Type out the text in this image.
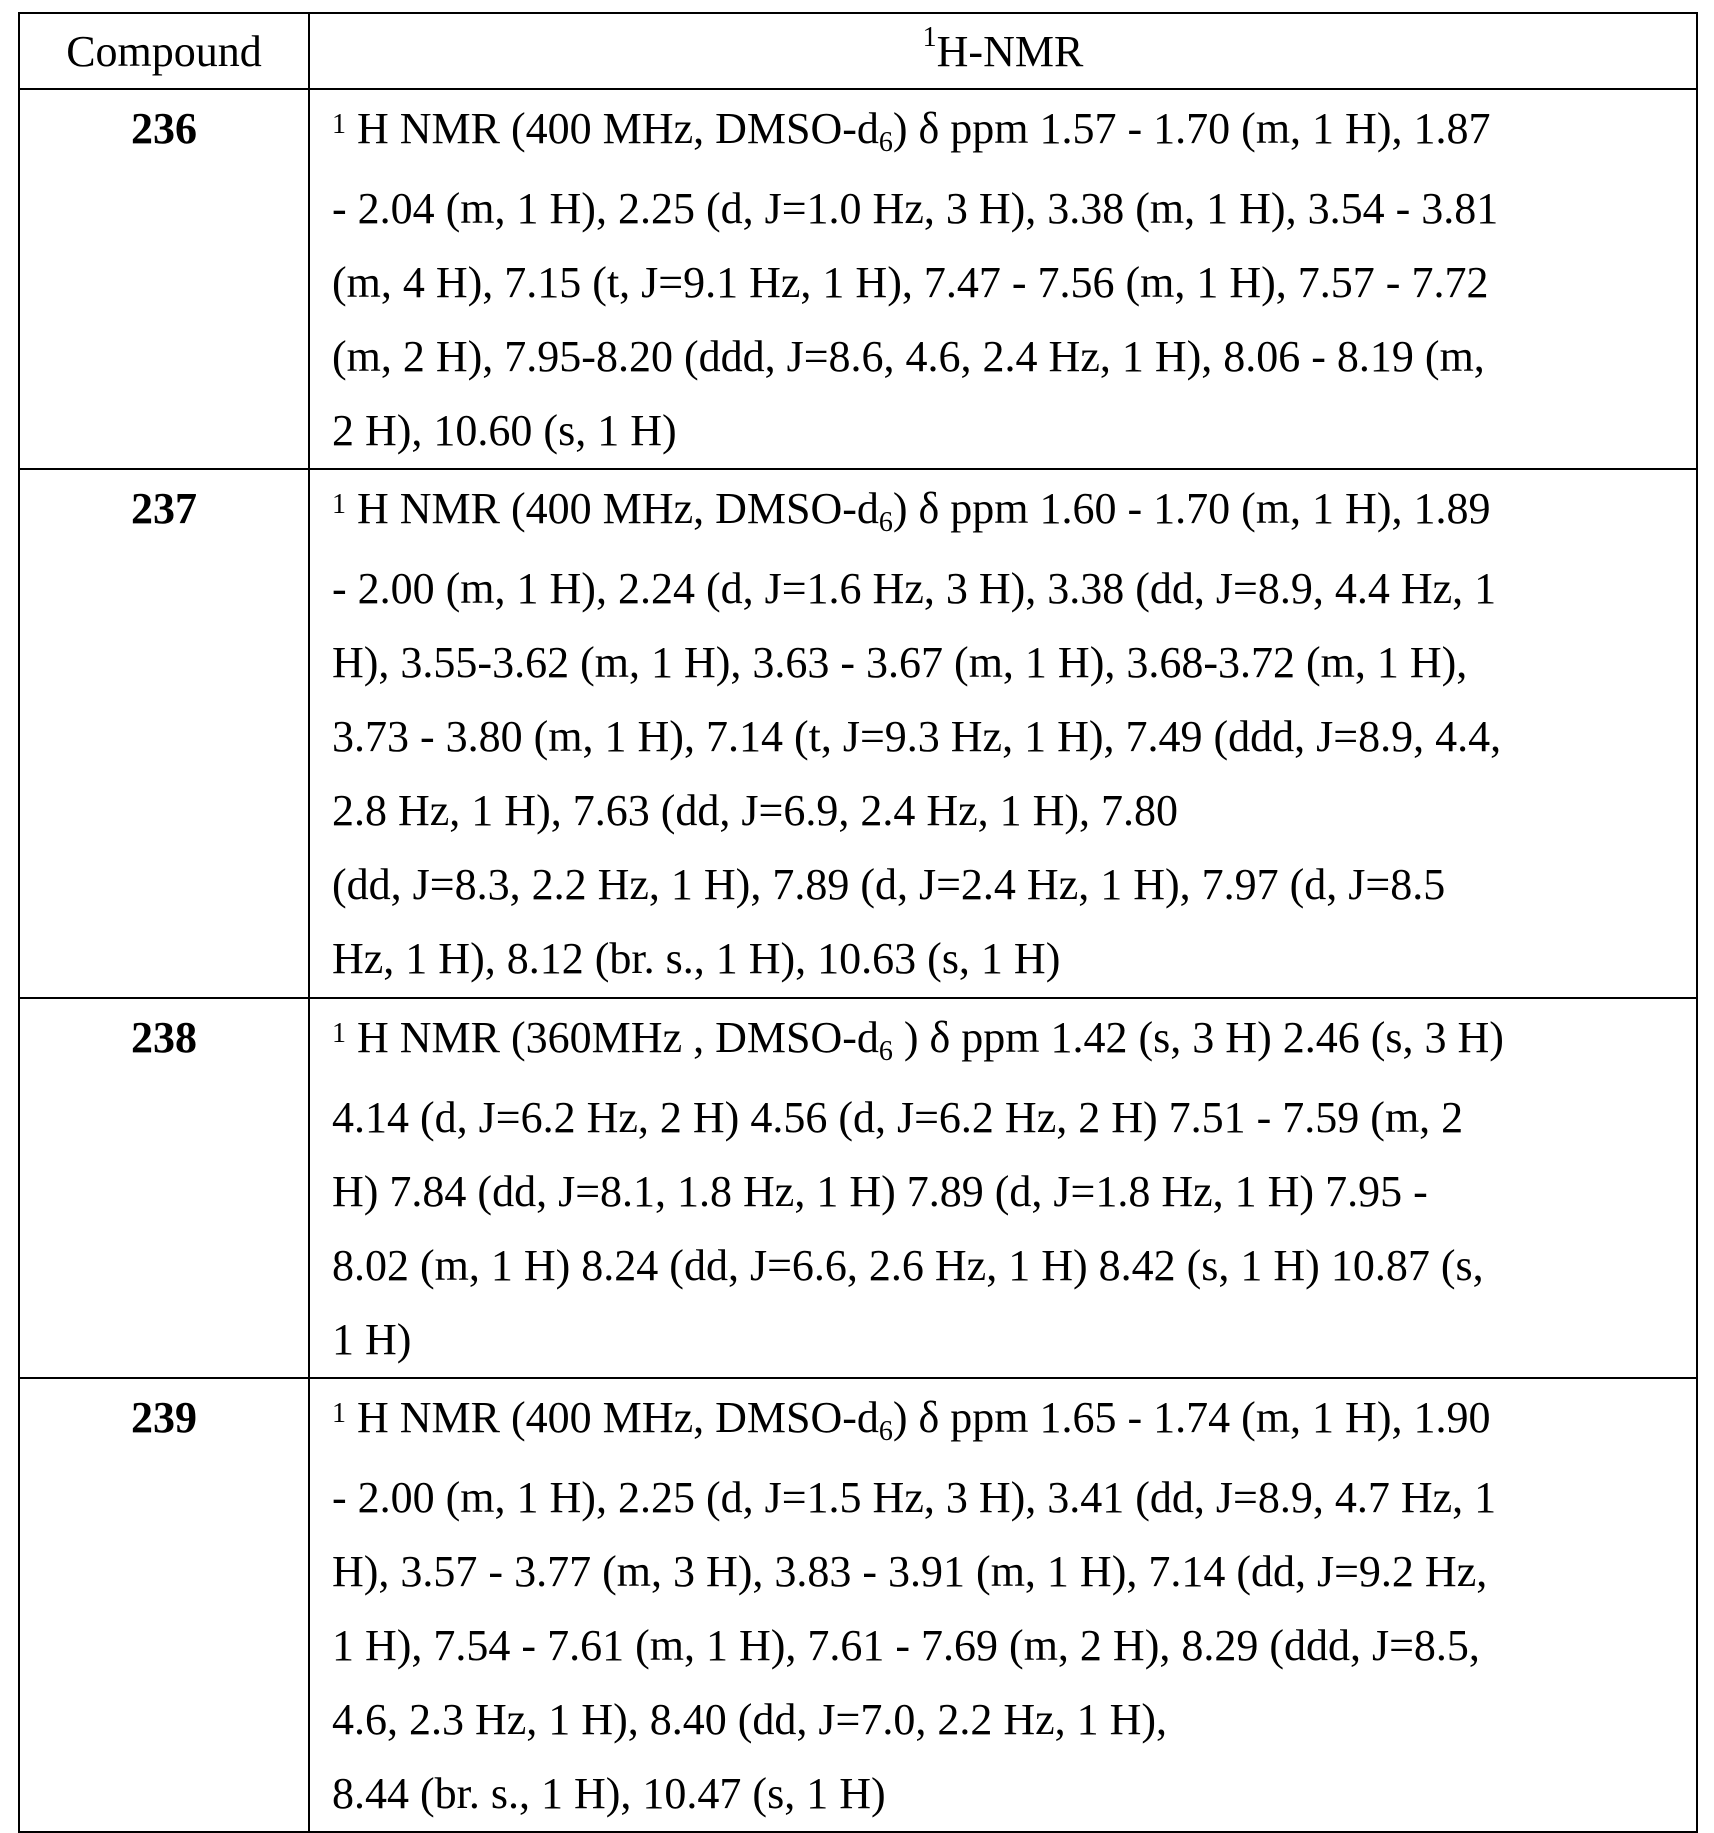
Compound	1H-NMR
236	1 H NMR (400 MHz, DMSO-d6) δ ppm 1.57 - 1.70 (m, 1 H), 1.87
- 2.04 (m, 1 H), 2.25 (d, J=1.0 Hz, 3 H), 3.38 (m, 1 H), 3.54 - 3.81
(m, 4 H), 7.15 (t, J=9.1 Hz, 1 H), 7.47 - 7.56 (m, 1 H), 7.57 - 7.72
(m, 2 H), 7.95-8.20 (ddd, J=8.6, 4.6, 2.4 Hz, 1 H), 8.06 - 8.19 (m,
2 H), 10.60 (s, 1 H)

237	1 H NMR (400 MHz, DMSO-d6) δ ppm 1.60 - 1.70 (m, 1 H), 1.89
- 2.00 (m, 1 H), 2.24 (d, J=1.6 Hz, 3 H), 3.38 (dd, J=8.9, 4.4 Hz, 1
H), 3.55-3.62 (m, 1 H), 3.63 - 3.67 (m, 1 H), 3.68-3.72 (m, 1 H),
3.73 - 3.80 (m, 1 H), 7.14 (t, J=9.3 Hz, 1 H), 7.49 (ddd, J=8.9, 4.4,
2.8 Hz, 1 H), 7.63 (dd, J=6.9, 2.4 Hz, 1 H), 7.80
(dd, J=8.3, 2.2 Hz, 1 H), 7.89 (d, J=2.4 Hz, 1 H), 7.97 (d, J=8.5
Hz, 1 H), 8.12 (br. s., 1 H), 10.63 (s, 1 H)

238	1 H NMR (360MHz , DMSO-d6 ) δ ppm 1.42 (s, 3 H) 2.46 (s, 3 H)
4.14 (d, J=6.2 Hz, 2 H) 4.56 (d, J=6.2 Hz, 2 H) 7.51 - 7.59 (m, 2
H) 7.84 (dd, J=8.1, 1.8 Hz, 1 H) 7.89 (d, J=1.8 Hz, 1 H) 7.95 -
8.02 (m, 1 H) 8.24 (dd, J=6.6, 2.6 Hz, 1 H) 8.42 (s, 1 H) 10.87 (s,
1 H)

239	1 H NMR (400 MHz, DMSO-d6) δ ppm 1.65 - 1.74 (m, 1 H), 1.90
- 2.00 (m, 1 H), 2.25 (d, J=1.5 Hz, 3 H), 3.41 (dd, J=8.9, 4.7 Hz, 1
H), 3.57 - 3.77 (m, 3 H), 3.83 - 3.91 (m, 1 H), 7.14 (dd, J=9.2 Hz,
1 H), 7.54 - 7.61 (m, 1 H), 7.61 - 7.69 (m, 2 H), 8.29 (ddd, J=8.5,
4.6, 2.3 Hz, 1 H), 8.40 (dd, J=7.0, 2.2 Hz, 1 H),
8.44 (br. s., 1 H), 10.47 (s, 1 H)
